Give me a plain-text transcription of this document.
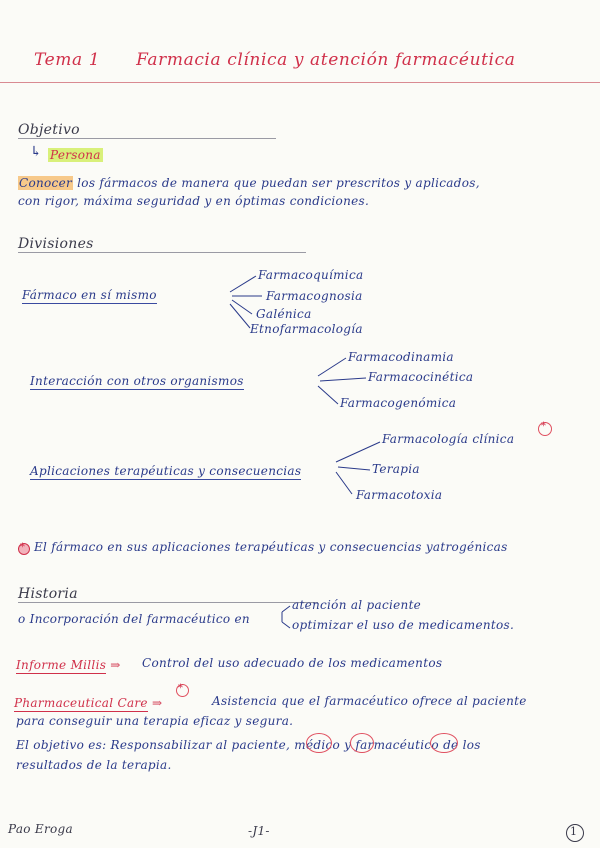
Tema 1 Farmacia clínica y atención farmacéutica
Objetivo
↳ Persona
Conocer los fármacos de manera que puedan ser prescritos y aplicados,
con rigor, máxima seguridad y en óptimas condiciones.
Divisiones
Fármaco en sí mismo
Farmacoquímica
Farmacognosia
Galénica
Etnofarmacología
Interacción con otros organismos
Farmacodinamia
Farmacocinética
Farmacogenómica
Aplicaciones terapéuticas y consecuencias
Farmacología clínica
*
Terapia
Farmacotoxia
* El fármaco en sus aplicaciones terapéuticas y consecuencias yatrogénicas
Historia
o Incorporación del farmacéutico en
atención al paciente
optimizar el uso de medicamentos.
Informe Millis ⇒ Control del uso adecuado de los medicamentos
Pharmaceutical Care ⇒
*
Asistencia que el farmacéutico ofrece al paciente
para conseguir una terapia eficaz y segura.
El objetivo es: Responsabilizar al paciente, médico y farmacéutico de los
resultados de la terapia.
Pao Eroga	-J1-	1
